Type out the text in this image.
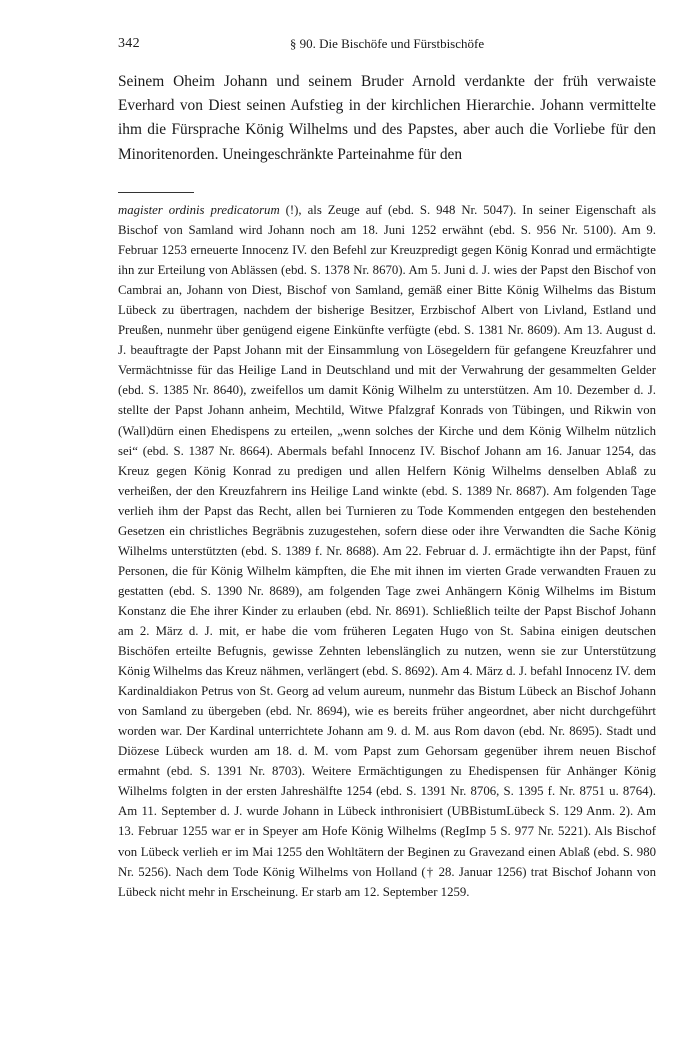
342	§ 90. Die Bischöfe und Fürstbischöfe

Seinem Oheim Johann und seinem Bruder Arnold verdankte der früh verwaiste Everhard von Diest seinen Aufstieg in der kirchlichen Hierarchie. Johann vermittelte ihm die Fürsprache König Wilhelms und des Papstes, aber auch die Vorliebe für den Minoritenorden. Uneingeschränkte Parteinahme für den

magister ordinis predicatorum (!), als Zeuge auf (ebd. S. 948 Nr. 5047). In seiner Eigenschaft als Bischof von Samland wird Johann noch am 18. Juni 1252 erwähnt (ebd. S. 956 Nr. 5100). Am 9. Februar 1253 erneuerte Innocenz IV. den Befehl zur Kreuzpredigt gegen König Konrad und ermächtigte ihn zur Erteilung von Ablässen (ebd. S. 1378 Nr. 8670). Am 5. Juni d. J. wies der Papst den Bischof von Cambrai an, Johann von Diest, Bischof von Samland, gemäß einer Bitte König Wilhelms das Bistum Lübeck zu übertragen, nachdem der bisherige Besitzer, Erzbischof Albert von Livland, Estland und Preußen, nunmehr über genügend eigene Einkünfte verfügte (ebd. S. 1381 Nr. 8609). Am 13. August d. J. beauftragte der Papst Johann mit der Einsammlung von Lösegeldern für gefangene Kreuzfahrer und Vermächtnisse für das Heilige Land in Deutschland und mit der Verwahrung der gesammelten Gelder (ebd. S. 1385 Nr. 8640), zweifellos um damit König Wilhelm zu unterstützen. Am 10. Dezember d. J. stellte der Papst Johann anheim, Mechtild, Witwe Pfalzgraf Konrads von Tübingen, und Rikwin von (Wall)dürn einen Ehedispens zu erteilen, „wenn solches der Kirche und dem König Wilhelm nützlich sei“ (ebd. S. 1387 Nr. 8664). Abermals befahl Innocenz IV. Bischof Johann am 16. Januar 1254, das Kreuz gegen König Konrad zu predigen und allen Helfern König Wilhelms denselben Ablaß zu verheißen, der den Kreuzfahrern ins Heilige Land winkte (ebd. S. 1389 Nr. 8687). Am folgenden Tage verlieh ihm der Papst das Recht, allen bei Turnieren zu Tode Kommenden entgegen den bestehenden Gesetzen ein christliches Begräbnis zuzugestehen, sofern diese oder ihre Verwandten die Sache König Wilhelms unterstützten (ebd. S. 1389 f. Nr. 8688). Am 22. Februar d. J. ermächtigte ihn der Papst, fünf Personen, die für König Wilhelm kämpften, die Ehe mit ihnen im vierten Grade verwandten Frauen zu gestatten (ebd. S. 1390 Nr. 8689), am folgenden Tage zwei Anhängern König Wilhelms im Bistum Konstanz die Ehe ihrer Kinder zu erlauben (ebd. Nr. 8691). Schließlich teilte der Papst Bischof Johann am 2. März d. J. mit, er habe die vom früheren Legaten Hugo von St. Sabina einigen deutschen Bischöfen erteilte Befugnis, gewisse Zehnten lebenslänglich zu nutzen, wenn sie zur Unterstützung König Wilhelms das Kreuz nähmen, verlängert (ebd. S. 8692). Am 4. März d. J. befahl Innocenz IV. dem Kardinaldiakon Petrus von St. Georg ad velum aureum, nunmehr das Bistum Lübeck an Bischof Johann von Samland zu übergeben (ebd. Nr. 8694), wie es bereits früher angeordnet, aber nicht durchgeführt worden war. Der Kardinal unterrichtete Johann am 9. d. M. aus Rom davon (ebd. Nr. 8695). Stadt und Diözese Lübeck wurden am 18. d. M. vom Papst zum Gehorsam gegenüber ihrem neuen Bischof ermahnt (ebd. S. 1391 Nr. 8703). Weitere Ermächtigungen zu Ehedispensen für Anhänger König Wilhelms folgten in der ersten Jahreshälfte 1254 (ebd. S. 1391 Nr. 8706, S. 1395 f. Nr. 8751 u. 8764). Am 11. September d. J. wurde Johann in Lübeck inthronisiert (UBBistumLübeck S. 129 Anm. 2). Am 13. Februar 1255 war er in Speyer am Hofe König Wilhelms (RegImp 5 S. 977 Nr. 5221). Als Bischof von Lübeck verlieh er im Mai 1255 den Wohltätern der Beginen zu Gravezand einen Ablaß (ebd. S. 980 Nr. 5256). Nach dem Tode König Wilhelms von Holland († 28. Januar 1256) trat Bischof Johann von Lübeck nicht mehr in Erscheinung. Er starb am 12. September 1259.
